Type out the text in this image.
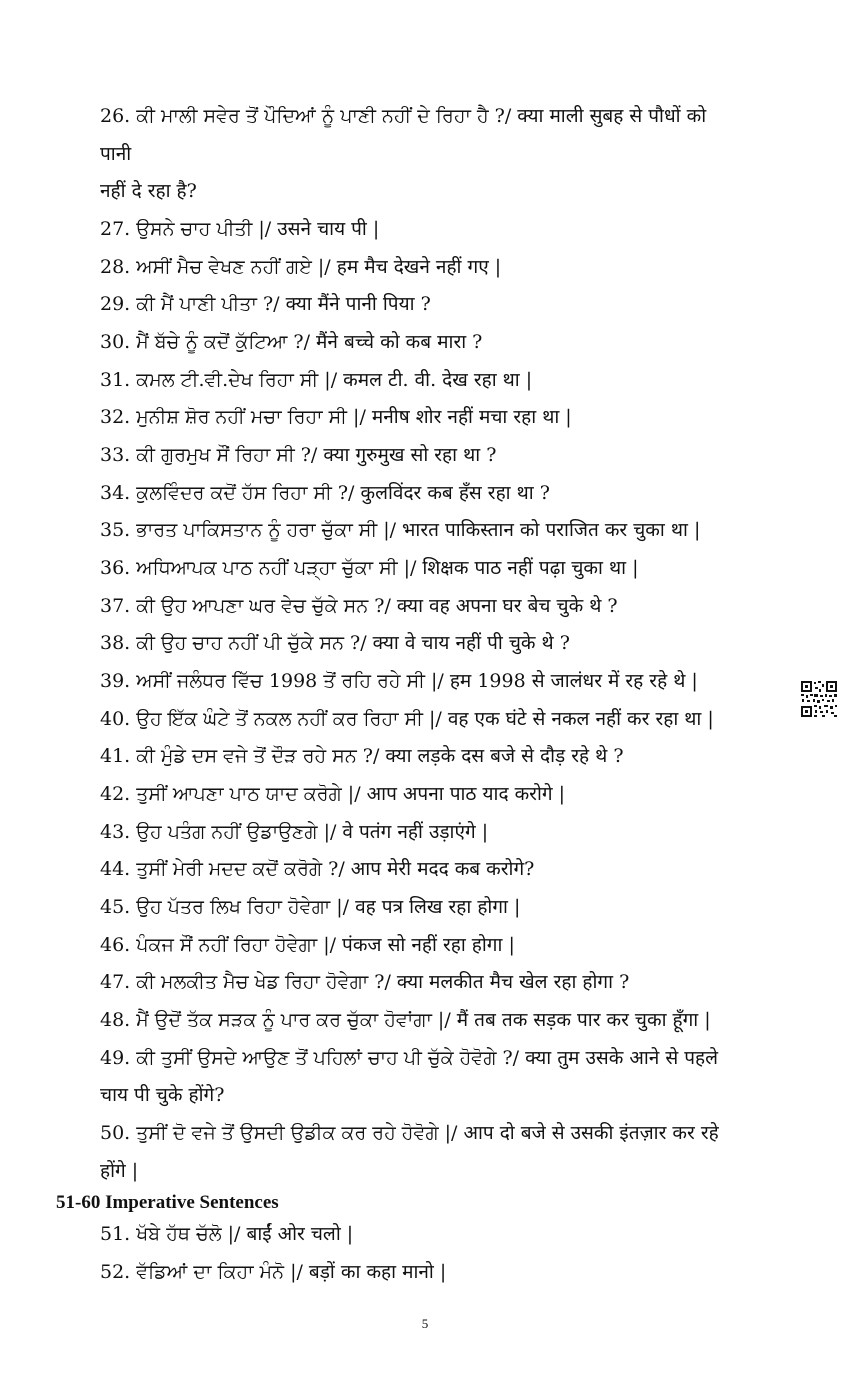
26. ਕੀ ਮਾਲੀ ਸਵੇਰ ਤੋਂ ਪੌਦਿਆਂ ਨੂੰ ਪਾਣੀ ਨਹੀਂ ਦੇ ਰਿਹਾ ਹੈ ?/ क्या माली सुबह से पौधों को
पानी
नहीं दे रहा है?
27. ਉਸਨੇ ਚਾਹ ਪੀਤੀ |/ उसने चाय पी |
28. ਅਸੀਂ ਮੈਚ ਵੇਖਣ ਨਹੀਂ ਗਏ |/ हम मैच देखने नहीं गए |
29. ਕੀ ਮੈਂ ਪਾਣੀ ਪੀਤਾ ?/ क्या मैंने पानी पिया ?
30. ਮੈਂ ਬੱਚੇ ਨੂੰ ਕਦੋਂ ਕੁੱਟਿਆ ?/ मैंने बच्चे को कब मारा ?
31. ਕਮਲ ਟੀ.ਵੀ.ਦੇਖ ਰਿਹਾ ਸੀ |/ कमल टी. वी. देख रहा था |
32. ਮੁਨੀਸ਼ ਸ਼ੋਰ ਨਹੀਂ ਮਚਾ ਰਿਹਾ ਸੀ |/ मनीष शोर नहीं मचा रहा था |
33. ਕੀ ਗੁਰਮੁਖ ਸੌਂ ਰਿਹਾ ਸੀ ?/ क्या गुरुमुख सो रहा था ?
34. ਕੁਲਵਿੰਦਰ ਕਦੋਂ ਹੱਸ ਰਿਹਾ ਸੀ ?/ कुलविंदर कब हँस रहा था ?
35. ਭਾਰਤ ਪਾਕਿਸਤਾਨ ਨੂੰ ਹਰਾ ਚੁੱਕਾ ਸੀ |/ भारत पाकिस्तान को पराजित कर चुका था |
36. ਅਧਿਆਪਕ ਪਾਠ ਨਹੀਂ ਪੜ੍ਹਾ ਚੁੱਕਾ ਸੀ |/ शिक्षक पाठ नहीं पढ़ा चुका था |
37. ਕੀ ਉਹ ਆਪਣਾ ਘਰ ਵੇਚ ਚੁੱਕੇ ਸਨ ?/ क्या वह अपना घर बेच चुके थे ?
38. ਕੀ ਉਹ ਚਾਹ ਨਹੀਂ ਪੀ ਚੁੱਕੇ ਸਨ ?/ क्या वे चाय नहीं पी चुके थे ?
39. ਅਸੀਂ ਜਲੰਧਰ ਵਿੱਚ 1998 ਤੋਂ ਰਹਿ ਰਹੇ ਸੀ |/ हम 1998 से जालंधर में रह रहे थे |
40. ਉਹ ਇੱਕ ਘੰਟੇ ਤੋਂ ਨਕਲ ਨਹੀਂ ਕਰ ਰਿਹਾ ਸੀ |/ वह एक घंटे से नकल नहीं कर रहा था |
41. ਕੀ ਮੁੰਡੇ ਦਸ ਵਜੇ ਤੋਂ ਦੌੜ ਰਹੇ ਸਨ ?/ क्या लड़के दस बजे से दौड़ रहे थे ?
42. ਤੁਸੀਂ ਆਪਣਾ ਪਾਠ ਯਾਦ ਕਰੋਗੇ |/ आप अपना पाठ याद करोगे |
43. ਉਹ ਪਤੰਗ ਨਹੀਂ ਉਡਾਉਣਗੇ |/ वे पतंग नहीं उड़ाएंगे |
44. ਤੁਸੀਂ ਮੇਰੀ ਮਦਦ ਕਦੋਂ ਕਰੋਗੇ ?/ आप मेरी मदद कब करोगे?
45. ਉਹ ਪੱਤਰ ਲਿਖ ਰਿਹਾ ਹੋਵੇਗਾ |/ वह पत्र लिख रहा होगा |
46. ਪੰਕਜ ਸੌਂ ਨਹੀਂ ਰਿਹਾ ਹੋਵੇਗਾ |/ पंकज सो नहीं रहा होगा |
47. ਕੀ ਮਲਕੀਤ ਮੈਚ ਖੇਡ ਰਿਹਾ ਹੋਵੇਗਾ ?/ क्या मलकीत मैच खेल रहा होगा ?
48. ਮੈਂ ਉਦੋਂ ਤੱਕ ਸੜਕ ਨੂੰ ਪਾਰ ਕਰ ਚੁੱਕਾ ਹੋਵਾਂਗਾ |/ मैं तब तक सड़क पार कर चुका हूँगा |
49. ਕੀ ਤੁਸੀਂ ਉਸਦੇ ਆਉਣ ਤੋਂ ਪਹਿਲਾਂ ਚਾਹ ਪੀ ਚੁੱਕੇ ਹੋਵੋਗੇ ?/ क्या तुम उसके आने से पहले
चाय पी चुके होंगे?
50. ਤੁਸੀਂ ਦੋ ਵਜੇ ਤੋਂ ਉਸਦੀ ਉਡੀਕ ਕਰ ਰਹੇ ਹੋਵੋਗੇ |/ आप दो बजे से उसकी इंतज़ार कर रहे
होंगे |
51-60 Imperative Sentences
51. ਖੱਬੇ ਹੱਥ ਚੱਲੋ |/ बाईं ओर चलो |
52. ਵੱਡਿਆਂ ਦਾ ਕਿਹਾ ਮੰਨੋ |/ बड़ों का कहा मानो |
5
